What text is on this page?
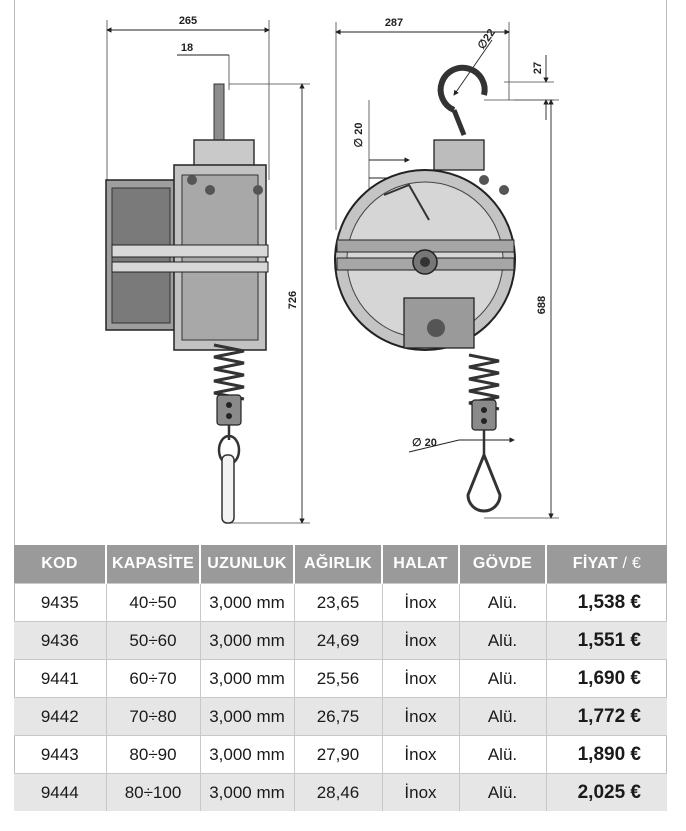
265
18
726
287
∅22
27
688
∅ 20
∅ 20
KOD	KAPASİTE	UZUNLUK	AĞIRLIK	HALAT	GÖVDE	FİYAT / €
9435	40÷50	3,000 mm	23,65	İnox	Alü.	1,538 €
9436	50÷60	3,000 mm	24,69	İnox	Alü.	1,551 €
9441	60÷70	3,000 mm	25,56	İnox	Alü.	1,690 €
9442	70÷80	3,000 mm	26,75	İnox	Alü.	1,772 €
9443	80÷90	3,000 mm	27,90	İnox	Alü.	1,890 €
9444	80÷100	3,000 mm	28,46	İnox	Alü.	2,025 €
